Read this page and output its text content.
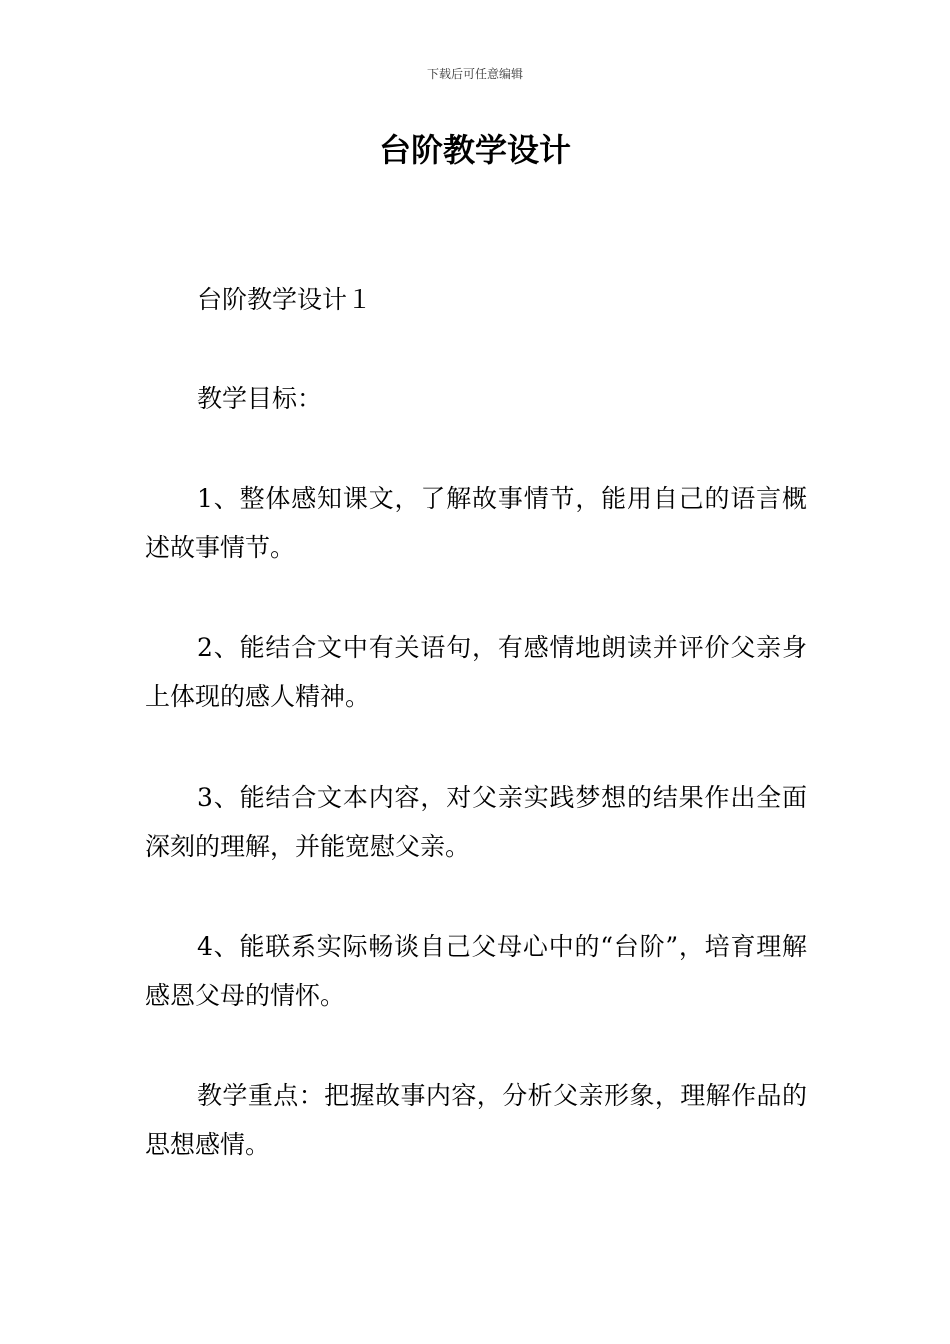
下载后可任意编辑
台阶教学设计

台阶教学设计１

教学目标：

1、整体感知课文，了解故事情节，能用自己的语言概述故事情节。

2、能结合文中有关语句，有感情地朗读并评价父亲身上体现的感人精神。

3、能结合文本内容，对父亲实践梦想的结果作出全面深刻的理解，并能宽慰父亲。

4、能联系实际畅谈自己父母心中的“台阶”，培育理解感恩父母的情怀。

教学重点：把握故事内容，分析父亲形象，理解作品的思想感情。
